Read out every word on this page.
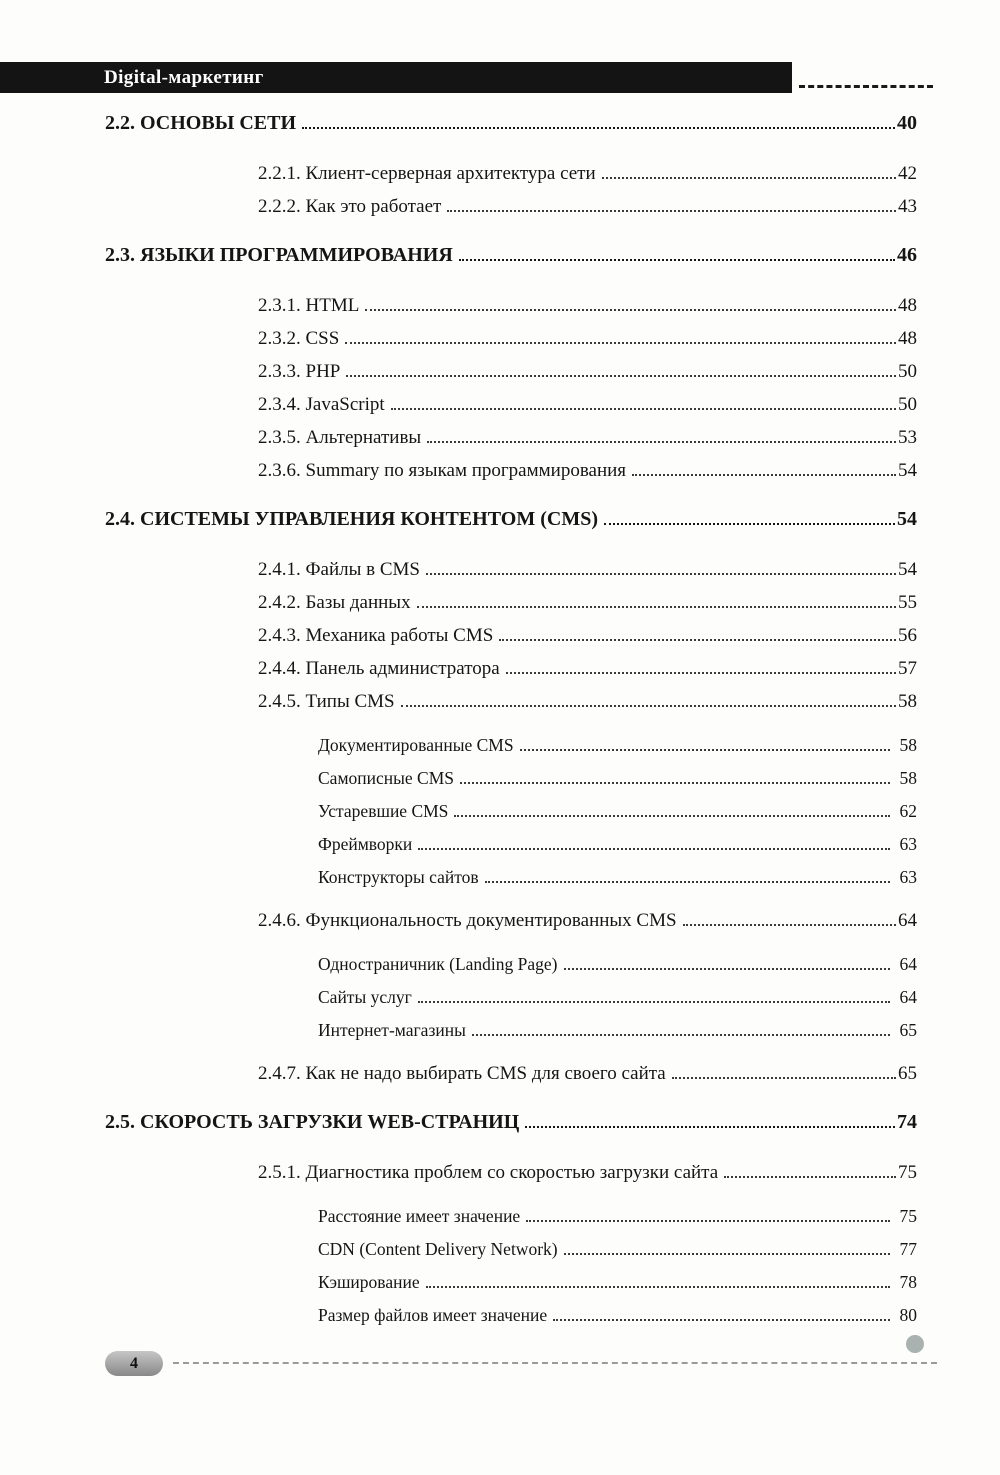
Digital-маркетинг
2.2. ОСНОВЫ СЕТИ	40
2.2.1. Клиент-серверная архитектура сети	42
2.2.2. Как это работает	43
2.3. ЯЗЫКИ ПРОГРАММИРОВАНИЯ	46
2.3.1. HTML	48
2.3.2. CSS	48
2.3.3. PHP	50
2.3.4. JavaScript	50
2.3.5. Альтернативы	53
2.3.6. Summary по языкам программирования	54
2.4. СИСТЕМЫ УПРАВЛЕНИЯ КОНТЕНТОМ (CMS)	54
2.4.1. Файлы в CMS	54
2.4.2. Базы данных	55
2.4.3. Механика работы CMS	56
2.4.4. Панель администратора	57
2.4.5. Типы CMS	58
Документированные CMS	58
Самописные CMS	58
Устаревшие CMS	62
Фреймворки	63
Конструкторы сайтов	63
2.4.6. Функциональность документированных CMS	64
Одностраничник (Landing Page)	64
Сайты услуг	64
Интернет-магазины	65
2.4.7. Как не надо выбирать CMS для своего сайта	65
2.5. СКОРОСТЬ ЗАГРУЗКИ WEB-СТРАНИЦ	74
2.5.1. Диагностика проблем со скоростью загрузки сайта	75
Расстояние имеет значение	75
CDN (Content Delivery Network)	77
Кэширование	78
Размер файлов имеет значение	80
4
